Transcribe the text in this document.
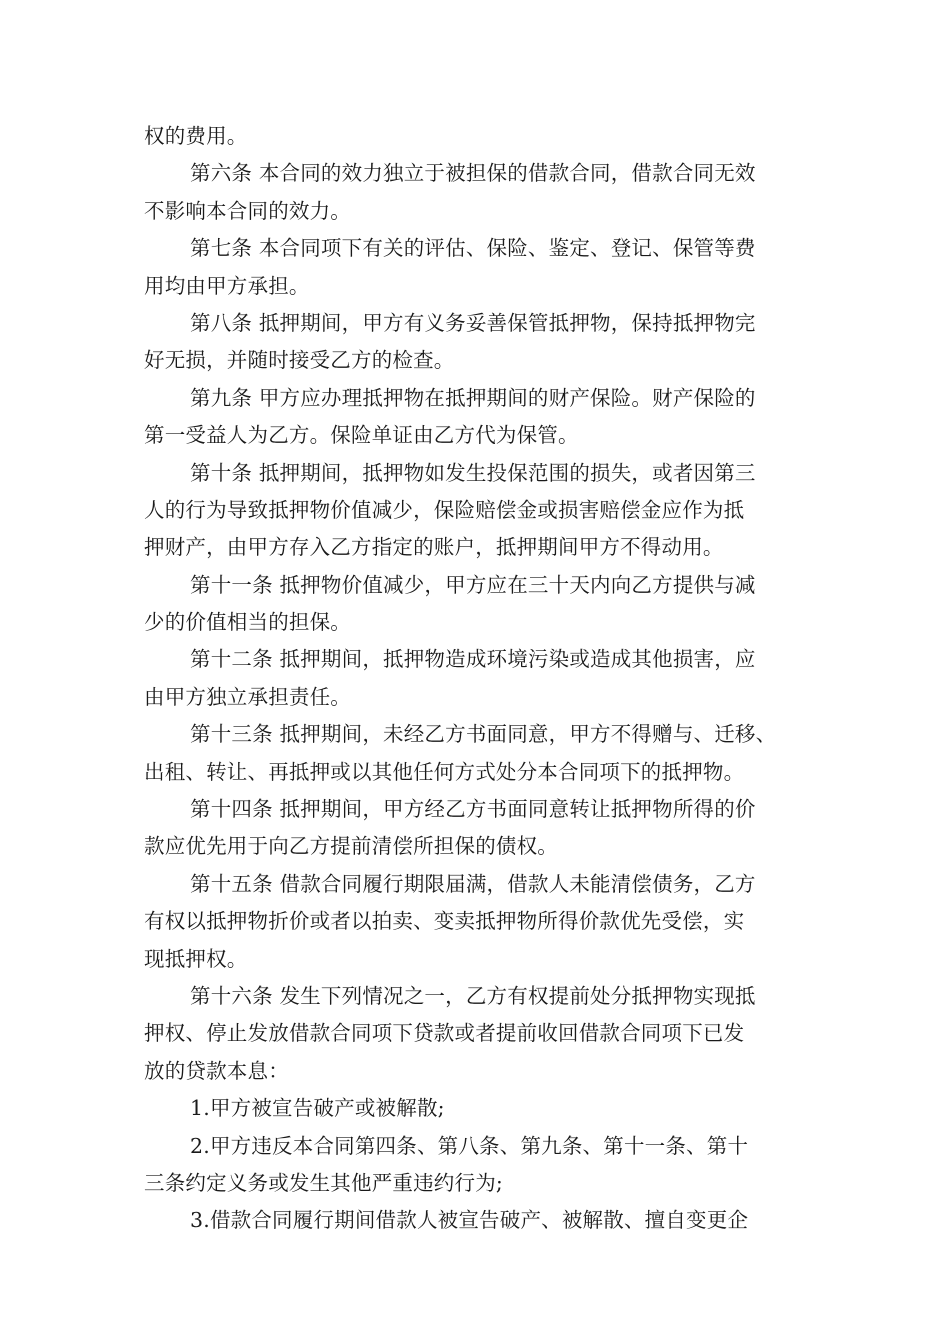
权的费用。
第六条 本合同的效力独立于被担保的借款合同，借款合同无效
不影响本合同的效力。
第七条 本合同项下有关的评估、保险、鉴定、登记、保管等费
用均由甲方承担。
第八条 抵押期间，甲方有义务妥善保管抵押物，保持抵押物完
好无损，并随时接受乙方的检查。
第九条 甲方应办理抵押物在抵押期间的财产保险。财产保险的
第一受益人为乙方。保险单证由乙方代为保管。
第十条 抵押期间，抵押物如发生投保范围的损失，或者因第三
人的行为导致抵押物价值减少，保险赔偿金或损害赔偿金应作为抵
押财产，由甲方存入乙方指定的账户，抵押期间甲方不得动用。
第十一条 抵押物价值减少，甲方应在三十天内向乙方提供与减
少的价值相当的担保。
第十二条 抵押期间，抵押物造成环境污染或造成其他损害，应
由甲方独立承担责任。
第十三条 抵押期间，未经乙方书面同意，甲方不得赠与、迁移、
出租、转让、再抵押或以其他任何方式处分本合同项下的抵押物。
第十四条 抵押期间，甲方经乙方书面同意转让抵押物所得的价
款应优先用于向乙方提前清偿所担保的债权。
第十五条 借款合同履行期限届满，借款人未能清偿债务，乙方
有权以抵押物折价或者以拍卖、变卖抵押物所得价款优先受偿，实
现抵押权。
第十六条 发生下列情况之一，乙方有权提前处分抵押物实现抵
押权、停止发放借款合同项下贷款或者提前收回借款合同项下已发
放的贷款本息：
1.甲方被宣告破产或被解散;
2.甲方违反本合同第四条、第八条、第九条、第十一条、第十
三条约定义务或发生其他严重违约行为;
3.借款合同履行期间借款人被宣告破产、被解散、擅自变更企
